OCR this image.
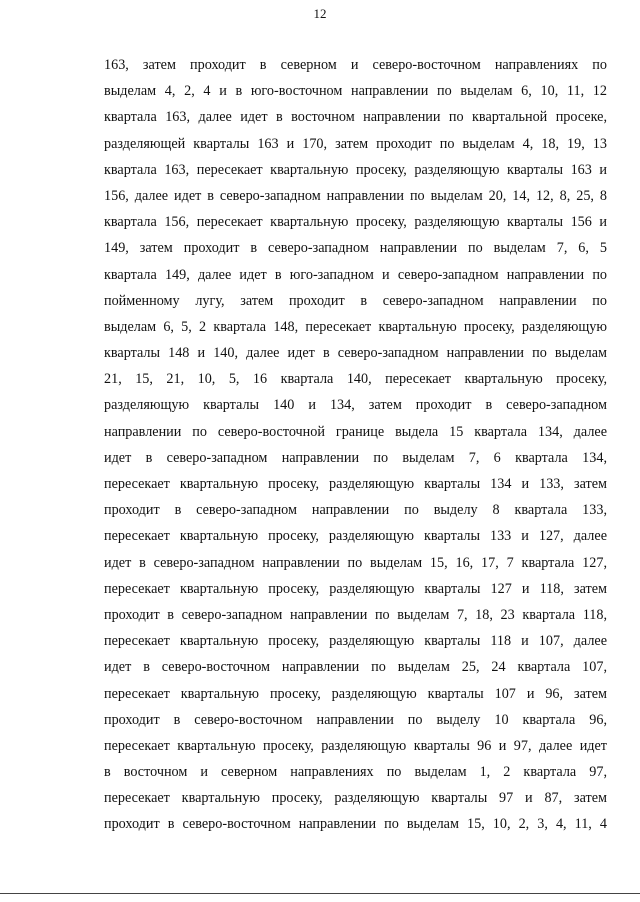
12
163, затем проходит в северном и северо-восточном направлениях по
выделам 4, 2, 4 и в юго-восточном направлении по выделам 6, 10, 11, 12
квартала 163, далее идет в восточном направлении по квартальной просеке,
разделяющей кварталы 163 и 170, затем проходит по выделам 4, 18, 19, 13
квартала 163, пересекает квартальную просеку, разделяющую кварталы 163 и
156, далее идет в северо-западном направлении по выделам 20, 14, 12, 8, 25, 8
квартала 156, пересекает квартальную просеку, разделяющую кварталы 156 и
149, затем проходит в северо-западном направлении по выделам 7, 6, 5
квартала 149, далее идет в юго-западном и северо-западном направлении по
пойменному лугу, затем проходит в северо-западном направлении по
выделам 6, 5, 2 квартала 148, пересекает квартальную просеку, разделяющую
кварталы 148 и 140, далее идет в северо-западном направлении по выделам
21, 15, 21, 10, 5, 16 квартала 140, пересекает квартальную просеку,
разделяющую кварталы 140 и 134, затем проходит в северо-западном
направлении по северо-восточной границе выдела 15 квартала 134, далее
идет в северо-западном направлении по выделам 7, 6 квартала 134,
пересекает квартальную просеку, разделяющую кварталы 134 и 133, затем
проходит в северо-западном направлении по выделу 8 квартала 133,
пересекает квартальную просеку, разделяющую кварталы 133 и 127, далее
идет в северо-западном направлении по выделам 15, 16, 17, 7 квартала 127,
пересекает квартальную просеку, разделяющую кварталы 127 и 118, затем
проходит в северо-западном направлении по выделам 7, 18, 23 квартала 118,
пересекает квартальную просеку, разделяющую кварталы 118 и 107, далее
идет в северо-восточном направлении по выделам 25, 24 квартала 107,
пересекает квартальную просеку, разделяющую кварталы 107 и 96, затем
проходит в северо-восточном направлении по выделу 10 квартала 96,
пересекает квартальную просеку, разделяющую кварталы 96 и 97, далее идет
в восточном и северном направлениях по выделам 1, 2 квартала 97,
пересекает квартальную просеку, разделяющую кварталы 97 и 87, затем
проходит в северо-восточном направлении по выделам 15, 10, 2, 3, 4, 11, 4
